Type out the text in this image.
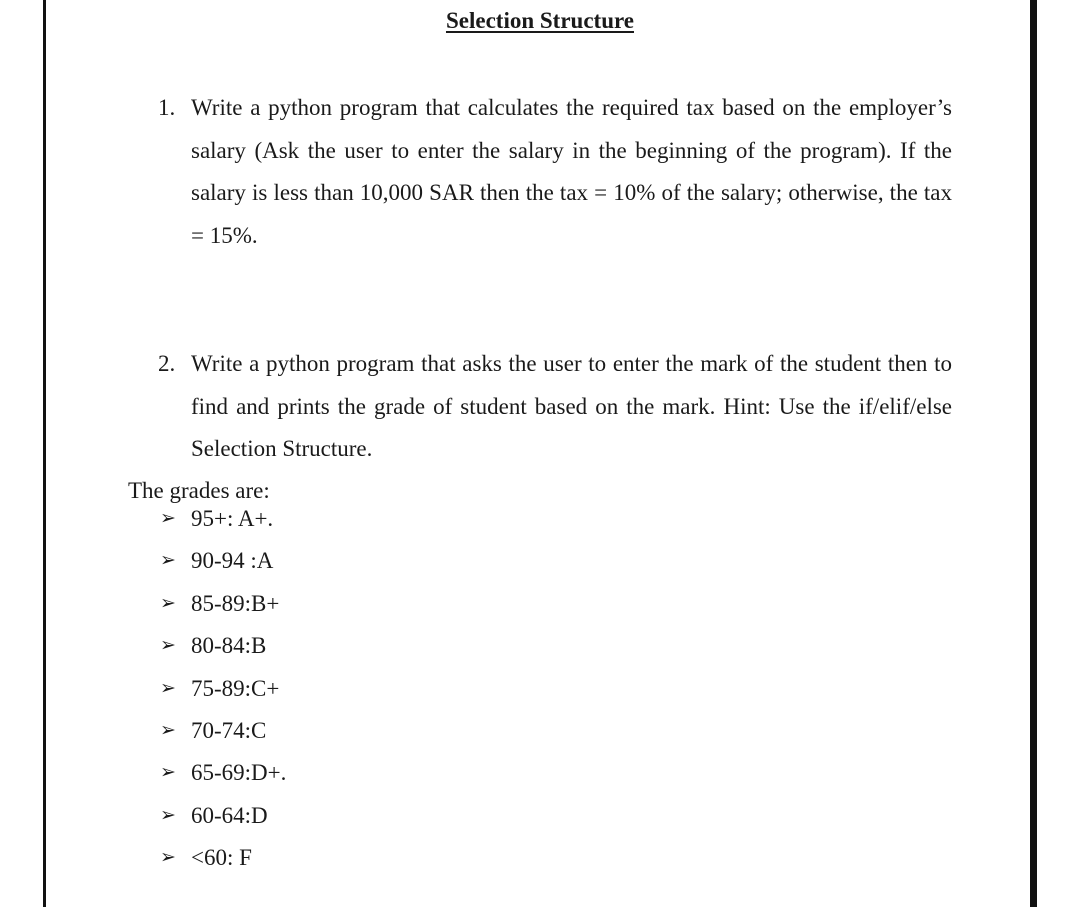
Selection Structure
1. Write a python program that calculates the required tax based on the employer’s salary (Ask the user to enter the salary in the beginning of the program). If the salary is less than 10,000 SAR then the tax = 10% of the salary; otherwise, the tax = 15%.
2. Write a python program that asks the user to enter the mark of the student then to find and prints the grade of student based on the mark. Hint: Use the if/elif/else Selection Structure.
The grades are:
➢ 95+: A+.
➢ 90-94 :A
➢ 85-89:B+
➢ 80-84:B
➢ 75-89:C+
➢ 70-74:C
➢ 65-69:D+.
➢ 60-64:D
➢ <60: F
